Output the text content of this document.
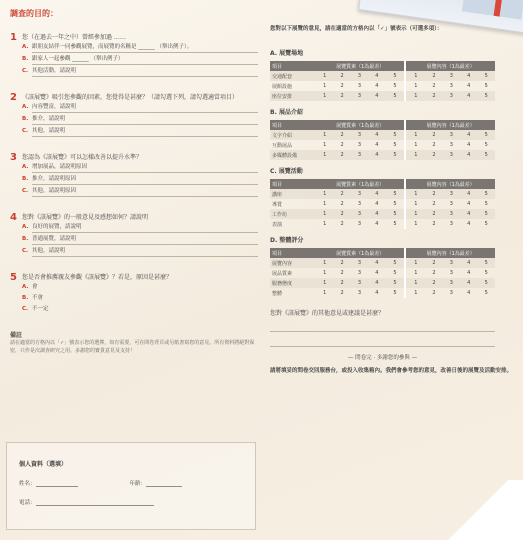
調查的目的：
1 您（在過去一年之中）曾經參加過 ……
A. 跟朋友結伴一同參觀展覽，而展覽的名稱是 ______ （舉出例子）。
B. 跟家人一起參觀 ______ （舉出例子）
C. 其他活動，請說明
2 《該展覽》吸引您參觀的因素，您覺得是甚麼？（請勾選下列，請勾選適當項目）
A. 內容豐富，請說明
B. 推介，請說明
C. 其他，請說明
3 您認為《該展覽》可以怎樣改善以提升水準？
A. 增加展品，請說明原因
B. 推介，請說明原因
C. 其他，請說明原因
4 您對《該展覽》的一般意見及感想如何？請說明
A. 良好的展覽，請說明
B. 普通展覽，請說明
C. 其他，請說明
5 您是否會推薦親友參觀《該展覽》？若是，原因是甚麼？
A. 會
B. 不會
C. 不一定
備註
請在適當的方格內以「✓」號表示您的選擇，如有需要，可在問卷背頁或另紙書寫您的意見。所有資料將絕對保密，只作是次調查研究之用。多謝您的寶貴意見及支持！
個人資料（選填）
姓名：	年齡：
電話：
您對以下展覽的意見，請在適當的方格內以「✓」號表示（可選多項）：
A. 展覽場地
項目	展覽質素（1為最差）					展覽內容（1為最差）				
交通配套	1	2	3	4	5	1	2	3	4	5
展館設施	1	2	3	4	5	1	2	3	4	5
座位安排	1	2	3	4	5	1	2	3	4	5
B. 展品介紹
項目	展覽質素（1為最差）					展覽內容（1為最差）				
文字介紹	1	2	3	4	5	1	2	3	4	5
互動展品	1	2	3	4	5	1	2	3	4	5
多媒體設備	1	2	3	4	5	1	2	3	4	5
C. 展覽活動
項目	展覽質素（1為最差）					展覽內容（1為最差）				
講座	1	2	3	4	5	1	2	3	4	5
導賞	1	2	3	4	5	1	2	3	4	5
工作坊	1	2	3	4	5	1	2	3	4	5
表演	1	2	3	4	5	1	2	3	4	5
D. 整體評分
項目	展覽質素（1為最差）					展覽內容（1為最差）				
展覽內容	1	2	3	4	5	1	2	3	4	5
展品質素	1	2	3	4	5	1	2	3	4	5
服務態度	1	2	3	4	5	1	2	3	4	5
整體	1	2	3	4	5	1	2	3	4	5
您對《該展覽》的其他意見或建議是甚麼？
— 問卷完 · 多謝您的參與 —
請將填妥的問卷交回服務台，或投入收集箱內。我們會參考您的意見，改善日後的展覽及活動安排。
